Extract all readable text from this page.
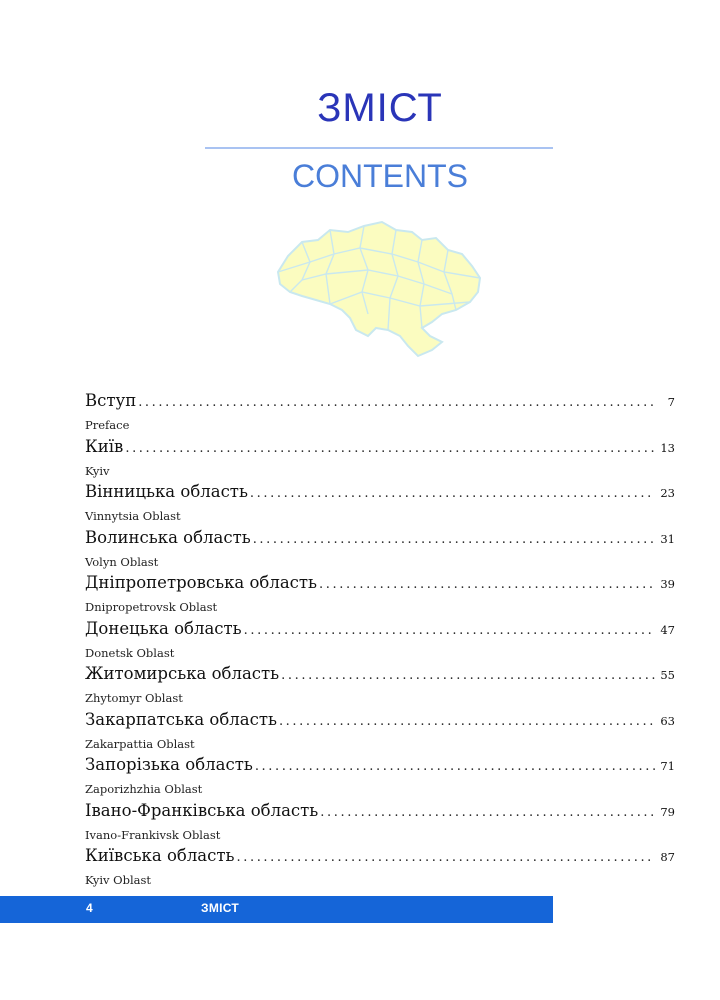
ЗМІСТ
CONTENTS
Вступ .....	7
Preface
Київ .....	13
Kyiv
Вінницька область .....	23
Vinnytsia Oblast
Волинська область .....	31
Volyn Oblast
Дніпропетровська область .....	39
Dnipropetrovsk Oblast
Донецька область .....	47
Donetsk Oblast
Житомирська область .....	55
Zhytomyr Oblast
Закарпатська область .....	63
Zakarpattia Oblast
Запорізька область .....	71
Zaporizhzhia Oblast
Івано-Франківська область .....	79
Ivano-Frankivsk Oblast
Київська область .....	87
Kyiv Oblast
4	ЗМІСТ
